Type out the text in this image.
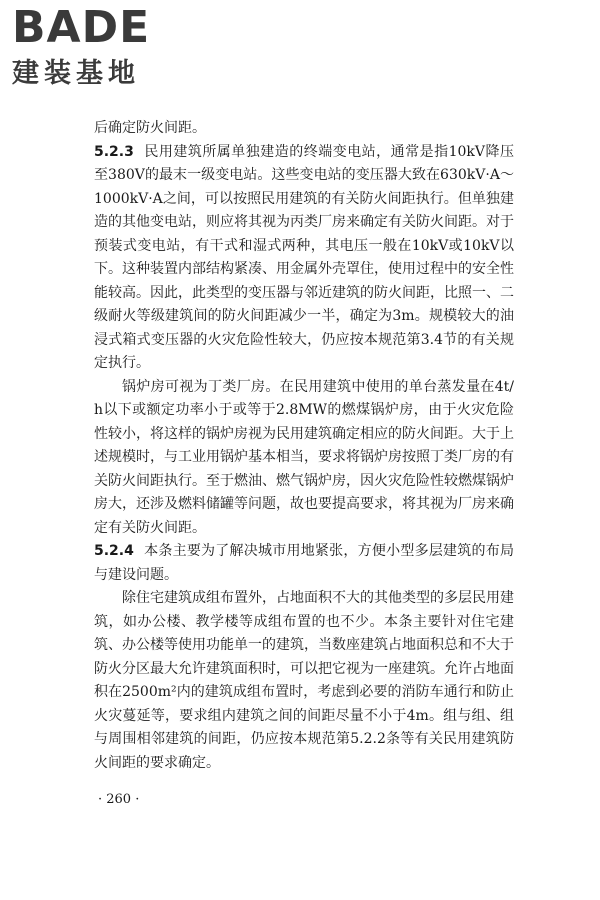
BADE
建装基地

后确定防火间距。

5.2.3 民用建筑所属单独建造的终端变电站，通常是指10kV降压至380V的最末一级变电站。这些变电站的变压器大致在630kV·A～1000kV·A之间，可以按照民用建筑的有关防火间距执行。但单独建造的其他变电站，则应将其视为丙类厂房来确定有关防火间距。对于预装式变电站，有干式和湿式两种，其电压一般在10kV或10kV以下。这种装置内部结构紧凑、用金属外壳罩住，使用过程中的安全性能较高。因此，此类型的变压器与邻近建筑的防火间距，比照一、二级耐火等级建筑间的防火间距减少一半，确定为3m。规模较大的油浸式箱式变压器的火灾危险性较大，仍应按本规范第3.4节的有关规定执行。

锅炉房可视为丁类厂房。在民用建筑中使用的单台蒸发量在4t/h以下或额定功率小于或等于2.8MW的燃煤锅炉房，由于火灾危险性较小，将这样的锅炉房视为民用建筑确定相应的防火间距。大于上述规模时，与工业用锅炉基本相当，要求将锅炉房按照丁类厂房的有关防火间距执行。至于燃油、燃气锅炉房，因火灾危险性较燃煤锅炉房大，还涉及燃料储罐等问题，故也要提高要求，将其视为厂房来确定有关防火间距。

5.2.4 本条主要为了解决城市用地紧张，方便小型多层建筑的布局与建设问题。

除住宅建筑成组布置外，占地面积不大的其他类型的多层民用建筑，如办公楼、教学楼等成组布置的也不少。本条主要针对住宅建筑、办公楼等使用功能单一的建筑，当数座建筑占地面积总和不大于防火分区最大允许建筑面积时，可以把它视为一座建筑。允许占地面积在2500m²内的建筑成组布置时，考虑到必要的消防车通行和防止火灾蔓延等，要求组内建筑之间的间距尽量不小于4m。组与组、组与周围相邻建筑的间距，仍应按本规范第5.2.2条等有关民用建筑防火间距的要求确定。

· 260 ·
